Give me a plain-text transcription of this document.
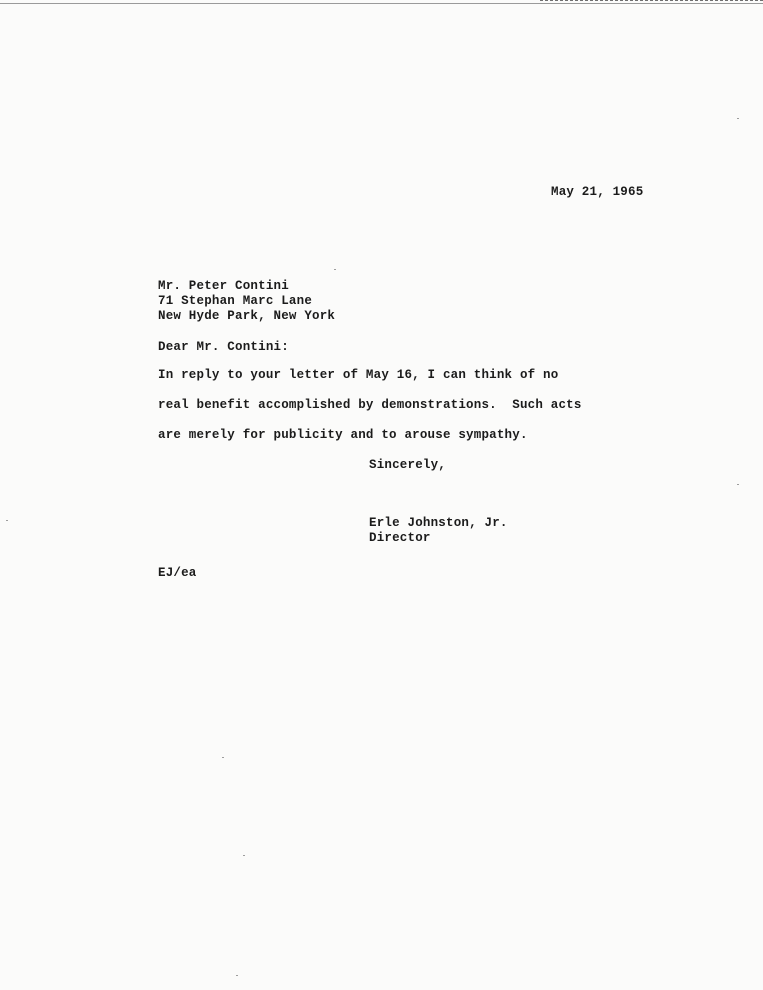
May 21, 1965
Mr. Peter Contini
71 Stephan Marc Lane
New Hyde Park, New York
Dear Mr. Contini:
In reply to your letter of May 16, I can think of no
real benefit accomplished by demonstrations.  Such acts
are merely for publicity and to arouse sympathy.
Sincerely,
Erle Johnston, Jr.
Director
EJ/ea
